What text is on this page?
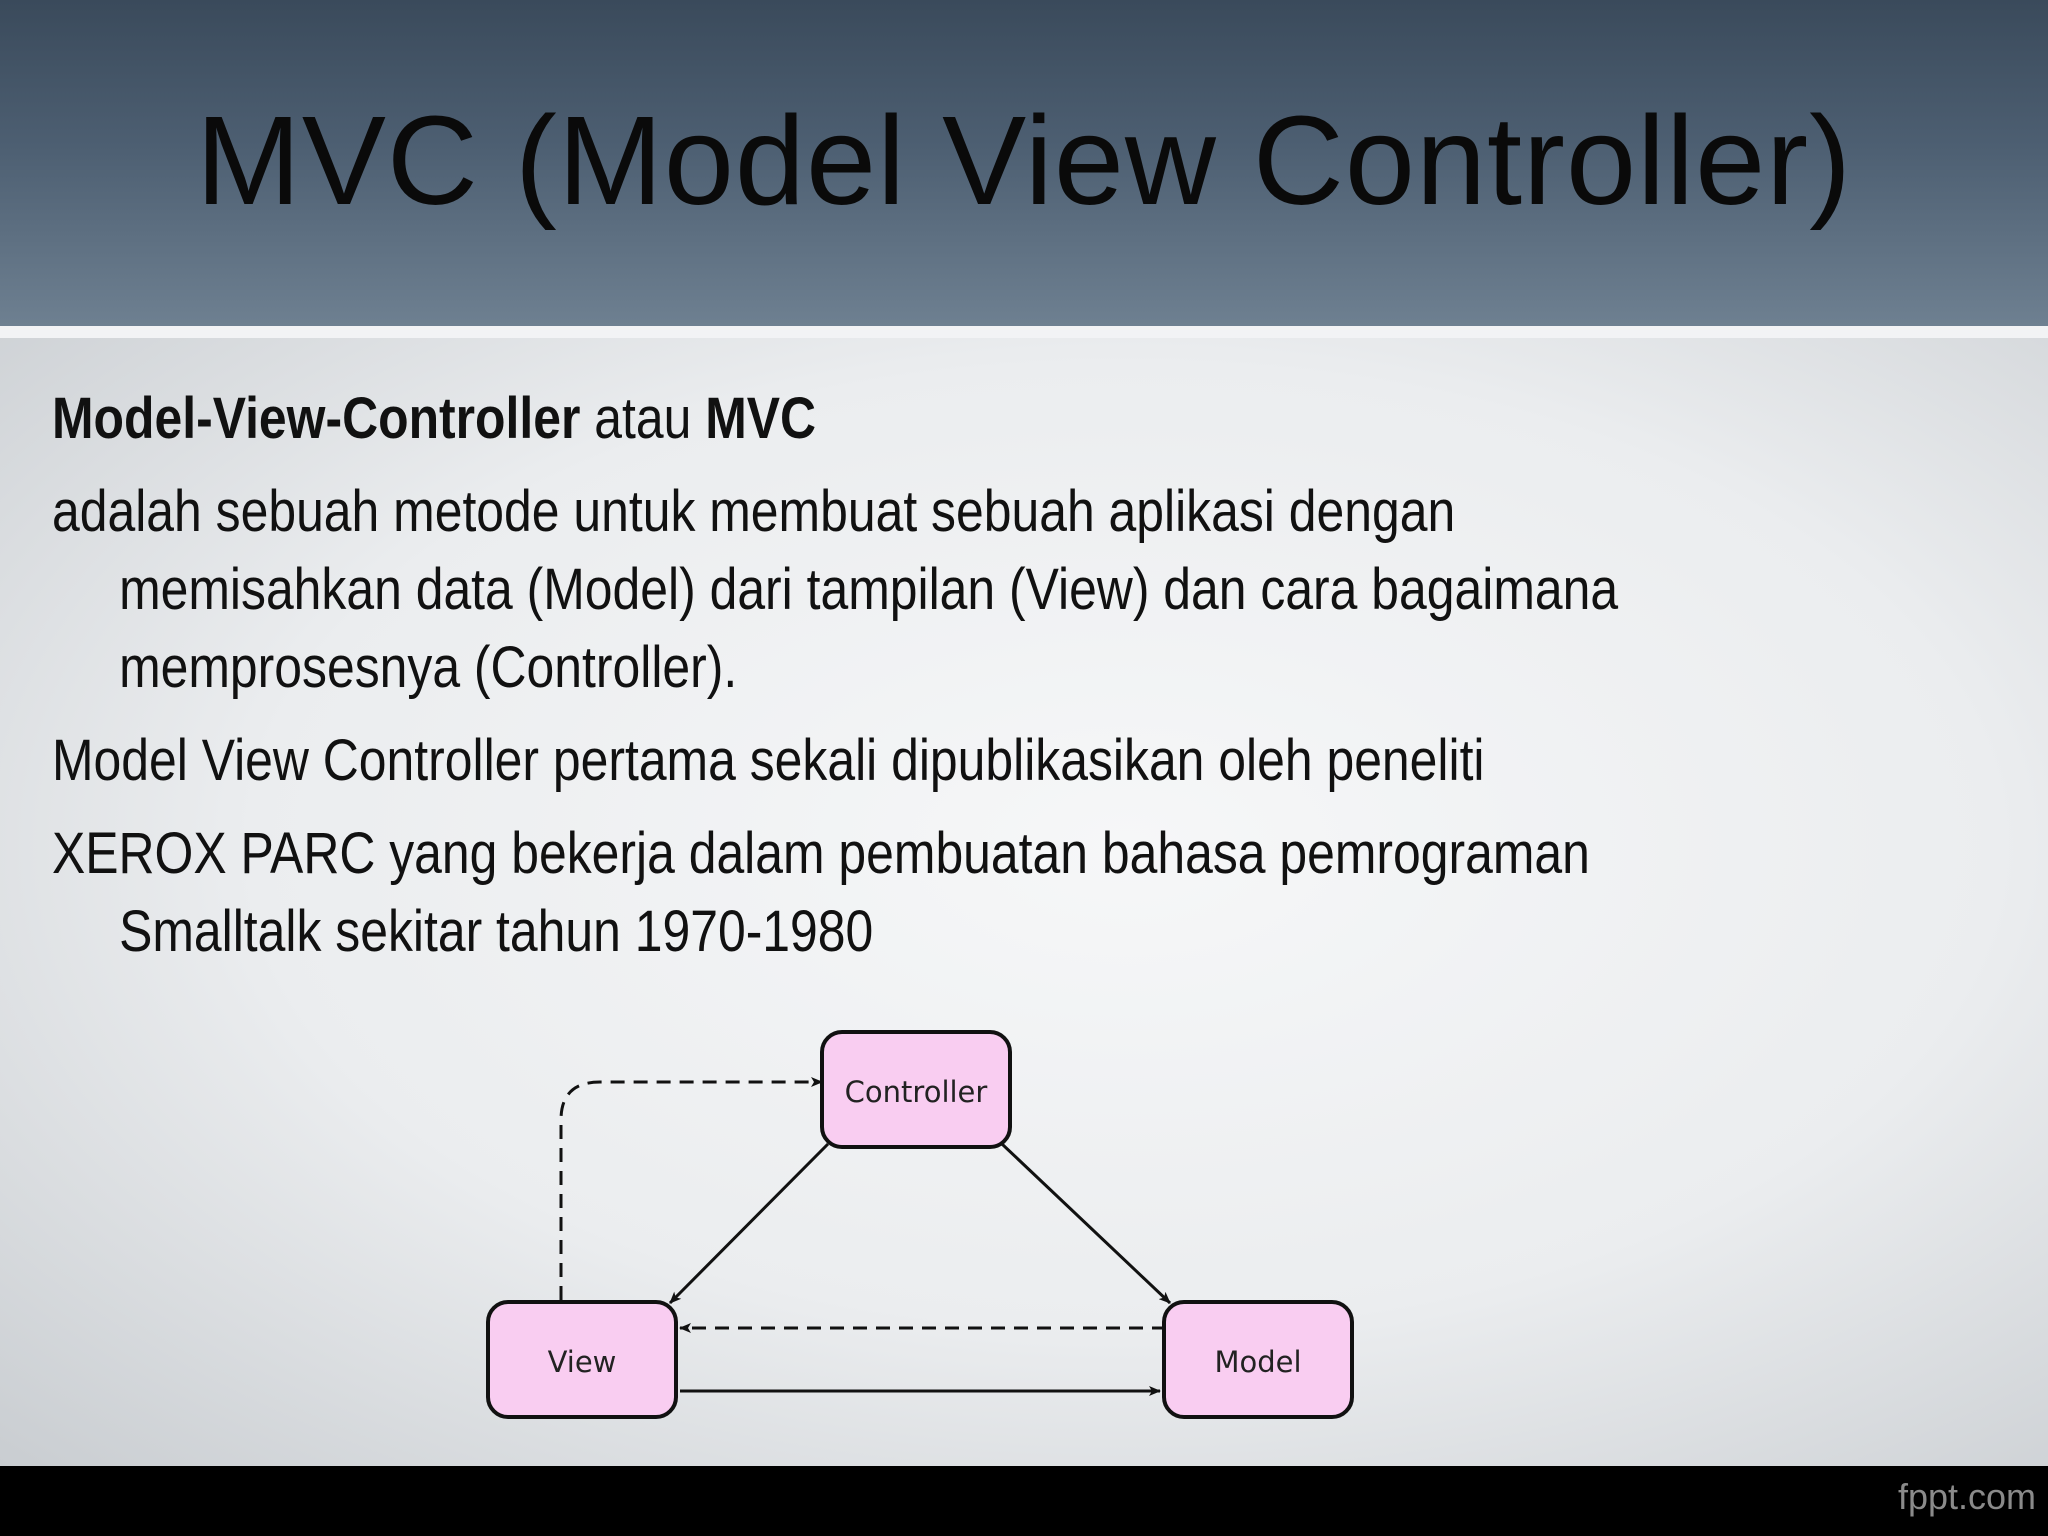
MVC (Model View Controller)

Model-View-Controller atau MVC

adalah sebuah metode untuk membuat sebuah aplikasi dengan memisahkan data (Model) dari tampilan (View) dan cara bagaimana memprosesnya (Controller).

Model View Controller pertama sekali dipublikasikan oleh peneliti

XEROX PARC yang bekerja dalam pembuatan bahasa pemrograman Smalltalk sekitar tahun 1970-1980

Controller
View	Model
fppt.com
